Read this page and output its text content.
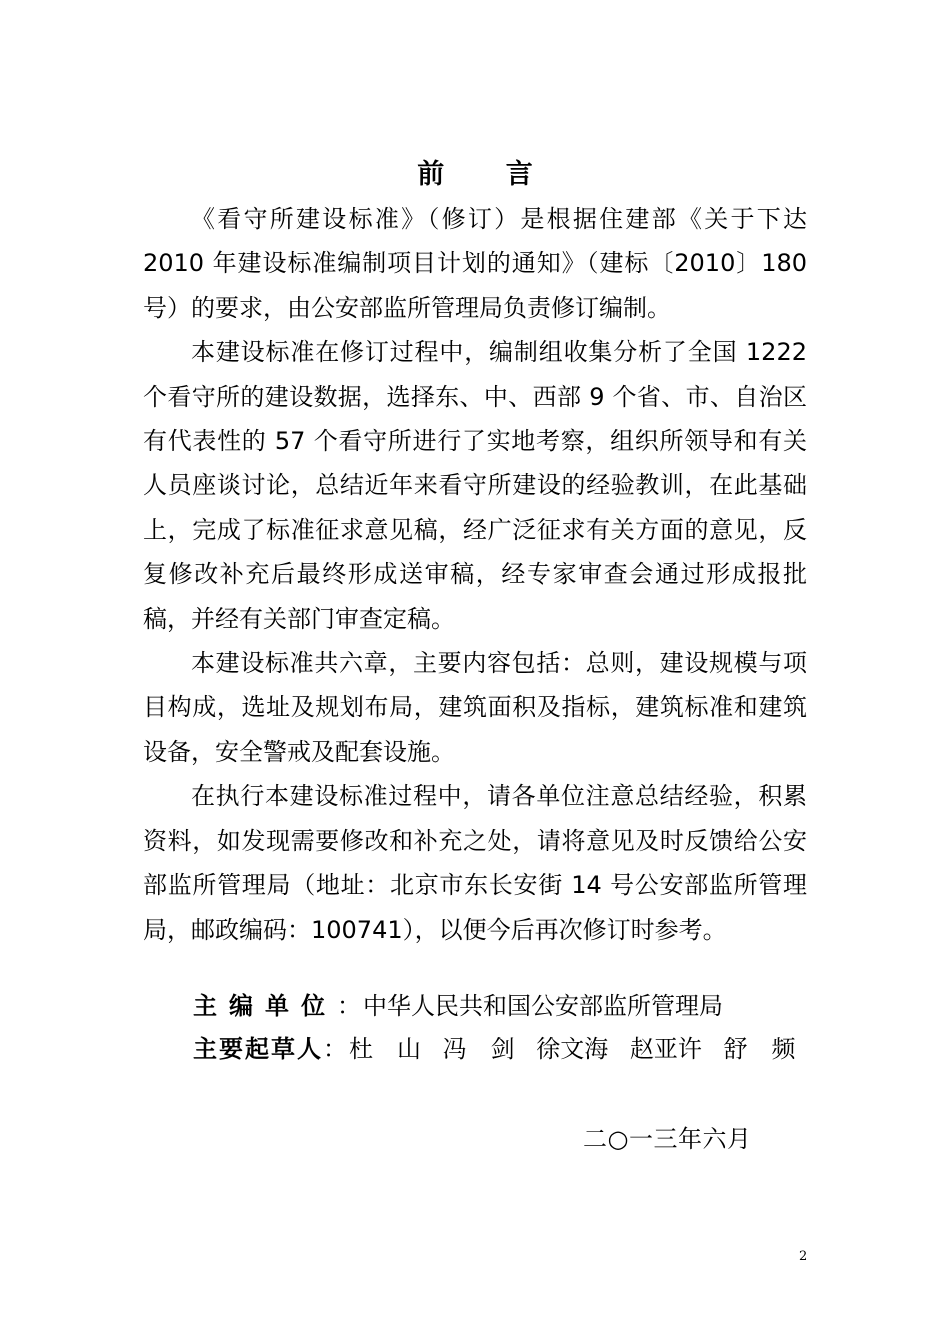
前 言

《看守所建设标准》（修订）是根据住建部《关于下达2010 年建设标准编制项目计划的通知》（建标〔2010〕180 号）的要求，由公安部监所管理局负责修订编制。

本建设标准在修订过程中，编制组收集分析了全国 1222 个看守所的建设数据，选择东、中、西部 9 个省、市、自治区有代表性的 57 个看守所进行了实地考察，组织所领导和有关人员座谈讨论，总结近年来看守所建设的经验教训，在此基础上，完成了标准征求意见稿，经广泛征求有关方面的意见，反复修改补充后最终形成送审稿，经专家审查会通过形成报批稿，并经有关部门审查定稿。

本建设标准共六章，主要内容包括：总则，建设规模与项目构成，选址及规划布局，建筑面积及指标，建筑标准和建筑设备，安全警戒及配套设施。

在执行本建设标准过程中，请各单位注意总结经验，积累资料，如发现需要修改和补充之处，请将意见及时反馈给公安部监所管理局（地址：北京市东长安街 14 号公安部监所管理局，邮政编码：100741），以便今后再次修订时参考。

主编单位：中华人民共和国公安部监所管理局
主要起草人：杜　山 冯　剑 徐文海 赵亚许 舒　频
二○一三年六月
2
